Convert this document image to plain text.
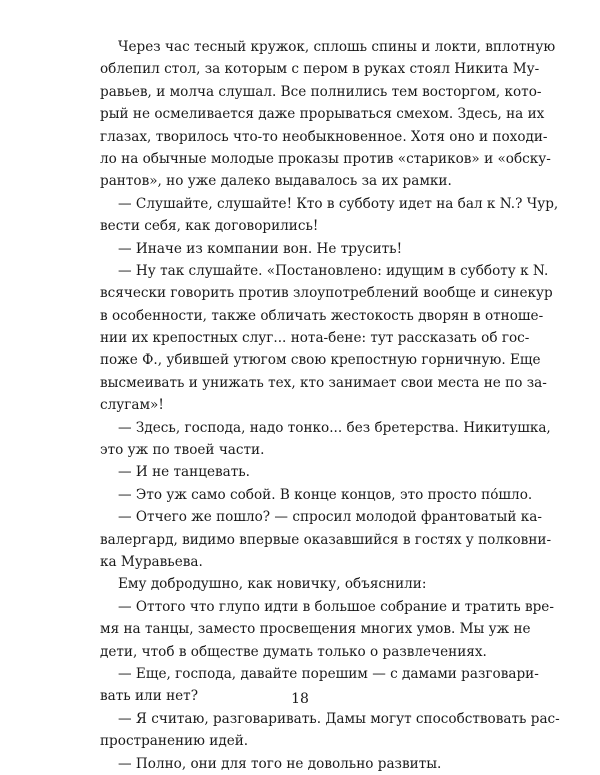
Через час тесный кружок, сплошь спины и локти, вплотную
облепил стол, за которым с пером в руках стоял Никита Му-
равьев, и молча слушал. Все полнились тем восторгом, кото-
рый не осмеливается даже прорываться смехом. Здесь, на их
глазах, творилось что-то необыкновенное. Хотя оно и походи-
ло на обычные молодые проказы против «стариков» и «обску-
рантов», но уже далеко выдавалось за их рамки.
— Слушайте, слушайте! Кто в субботу идет на бал к N.? Чур,
вести себя, как договорились!
— Иначе из компании вон. Не трусить!
— Ну так слушайте. «Постановлено: идущим в субботу к N.
всячески говорить против злоупотреблений вообще и синекур
в особенности, также обличать жестокость дворян в отноше-
нии их крепостных слуг... нота-бене: тут рассказать об гос-
поже Ф., убившей утюгом свою крепостную горничную. Еще
высмеивать и унижать тех, кто занимает свои места не по за-
слугам»!
— Здесь, господа, надо тонко... без бретерства. Никитушка,
это уж по твоей части.
— И не танцевать.
— Это уж само собой. В конце концов, это просто по́шло.
— Отчего же пошло? — спросил молодой франтоватый ка-
валергард, видимо впервые оказавшийся в гостях у полковни-
ка Муравьева.
Ему добродушно, как новичку, объяснили:
— Оттого что глупо идти в большое собрание и тратить вре-
мя на танцы, заместо просвещения многих умов. Мы уж не
дети, чтоб в обществе думать только о развлечениях.
— Еще, господа, давайте порешим — с дамами разговари-
вать или нет?
— Я считаю, разговаривать. Дамы могут способствовать рас-
пространению идей.
— Полно, они для того не довольно развиты.
18
